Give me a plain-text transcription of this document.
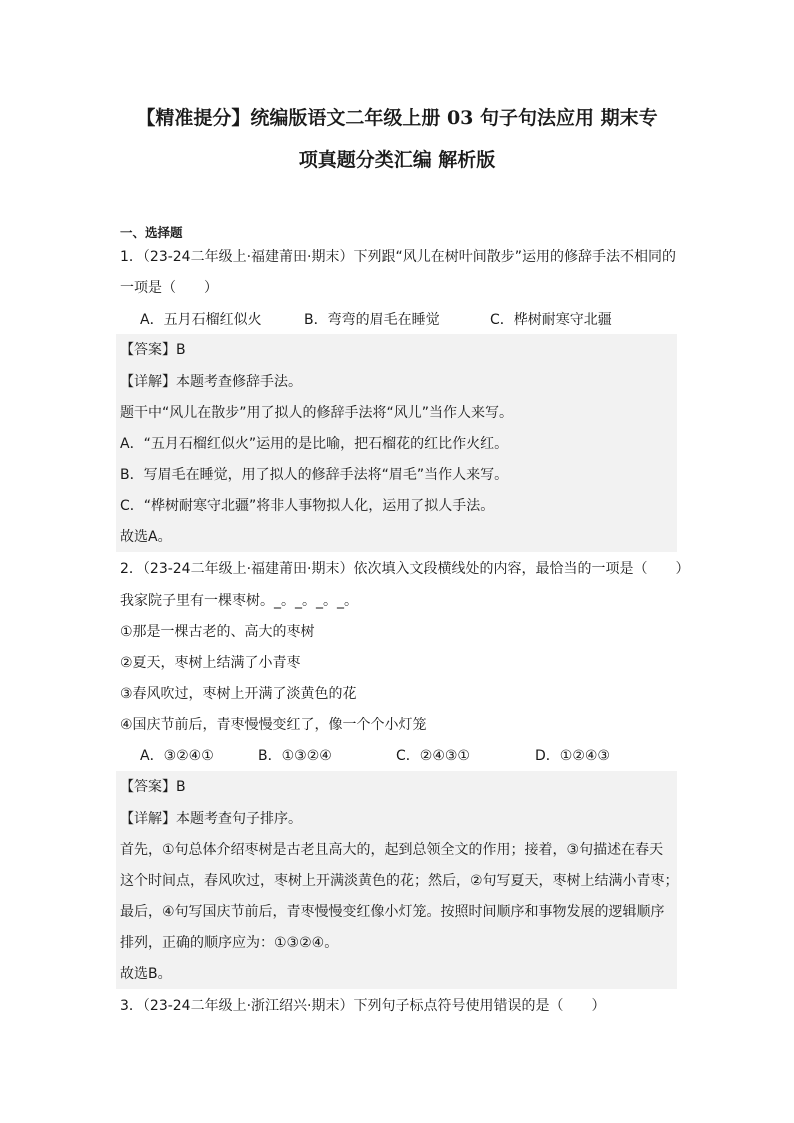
【精准提分】统编版语文二年级上册 03 句子句法应用 期末专
项真题分类汇编 解析版
一、选择题
1．（23-24二年级上·福建莆田·期末）下列跟“风儿在树叶间散步”运用的修辞手法不相同的
一项是（　　）
A．五月石榴红似火	B．弯弯的眉毛在睡觉	C．桦树耐寒守北疆
【答案】B
【详解】本题考查修辞手法。
题干中“风儿在散步”用了拟人的修辞手法将“风儿”当作人来写。
A．“五月石榴红似火”运用的是比喻，把石榴花的红比作火红。
B．写眉毛在睡觉，用了拟人的修辞手法将“眉毛”当作人来写。
C．“桦树耐寒守北疆”将非人事物拟人化，运用了拟人手法。
故选A。
2．（23-24二年级上·福建莆田·期末）依次填入文段横线处的内容，最恰当的一项是（　　）
我家院子里有一棵枣树。_。_。_。_。
①那是一棵古老的、高大的枣树
②夏天，枣树上结满了小青枣
③春风吹过，枣树上开满了淡黄色的花
④国庆节前后，青枣慢慢变红了，像一个个小灯笼
A．③②④①	B．①③②④	C．②④③①	D．①②④③
【答案】B
【详解】本题考查句子排序。
首先，①句总体介绍枣树是古老且高大的，起到总领全文的作用；接着，③句描述在春天
这个时间点，春风吹过，枣树上开满淡黄色的花；然后，②句写夏天，枣树上结满小青枣；
最后，④句写国庆节前后，青枣慢慢变红像小灯笼。按照时间顺序和事物发展的逻辑顺序
排列，正确的顺序应为：①③②④。
故选B。
3．（23-24二年级上·浙江绍兴·期末）下列句子标点符号使用错误的是（　　）
